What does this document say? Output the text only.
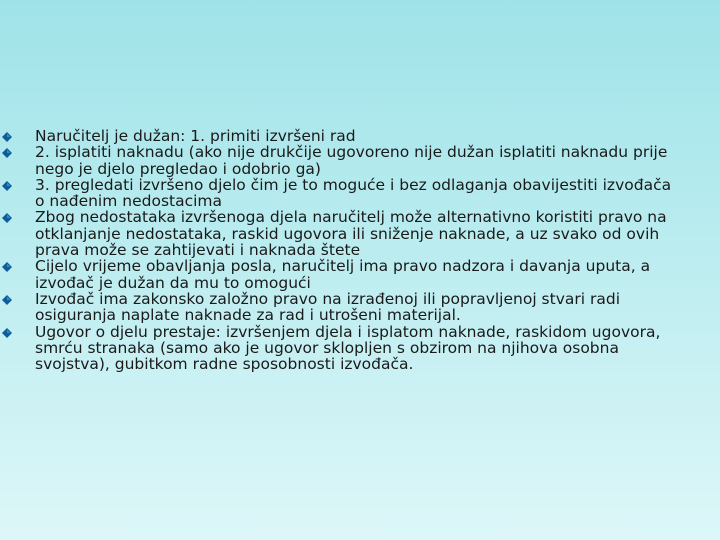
Naručitelj je dužan: 1. primiti izvršeni rad
2. isplatiti naknadu (ako nije drukčije ugovoreno nije dužan isplatiti naknadu prije nego je djelo pregledao i odobrio ga)
3. pregledati izvršeno djelo čim je to moguće i bez odlaganja obavijestiti izvođača o nađenim nedostacima
Zbog nedostataka izvršenoga djela naručitelj može alternativno koristiti pravo na otklanjanje nedostataka, raskid ugovora ili sniženje naknade, a uz svako od ovih prava može se zahtijevati i naknada štete
Cijelo vrijeme obavljanja posla, naručitelj ima pravo nadzora i davanja uputa, a izvođač je dužan da mu to omogući
Izvođač ima zakonsko založno pravo na izrađenoj ili popravljenoj stvari radi osiguranja naplate naknade za rad i utrošeni materijal.
Ugovor o djelu prestaje: izvršenjem djela i isplatom naknade, raskidom ugovora, smrću stranaka (samo ako je ugovor sklopljen s obzirom na njihova osobna svojstva), gubitkom radne sposobnosti izvođača.
